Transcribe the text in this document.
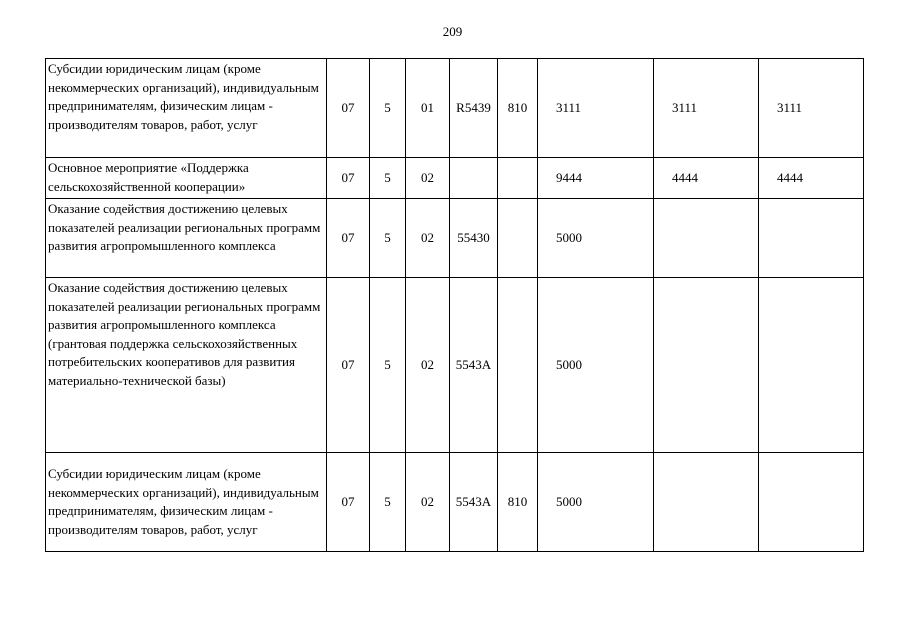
209
Субсидии юридическим лицам (кроме некоммерческих организаций), индивидуальным предпринимателям, физическим лицам - производителям товаров, работ, услуг	07	5	01	R5439	810	3111	3111	3111
Основное мероприятие «Поддержка сельскохозяйственной кооперации»	07	5	02			9444	4444	4444
Оказание содействия достижению целевых показателей реализации региональных программ развития агропромышленного комплекса	07	5	02	55430		5000		
Оказание содействия достижению целевых показателей реализации региональных программ развития агропромышленного комплекса (грантовая поддержка сельскохозяйственных потребительских кооперативов для развития материально-технической базы)	07	5	02	5543А		5000		
Субсидии юридическим лицам (кроме некоммерческих организаций), индивидуальным предпринимателям, физическим лицам - производителям товаров, работ, услуг	07	5	02	5543А	810	5000		
